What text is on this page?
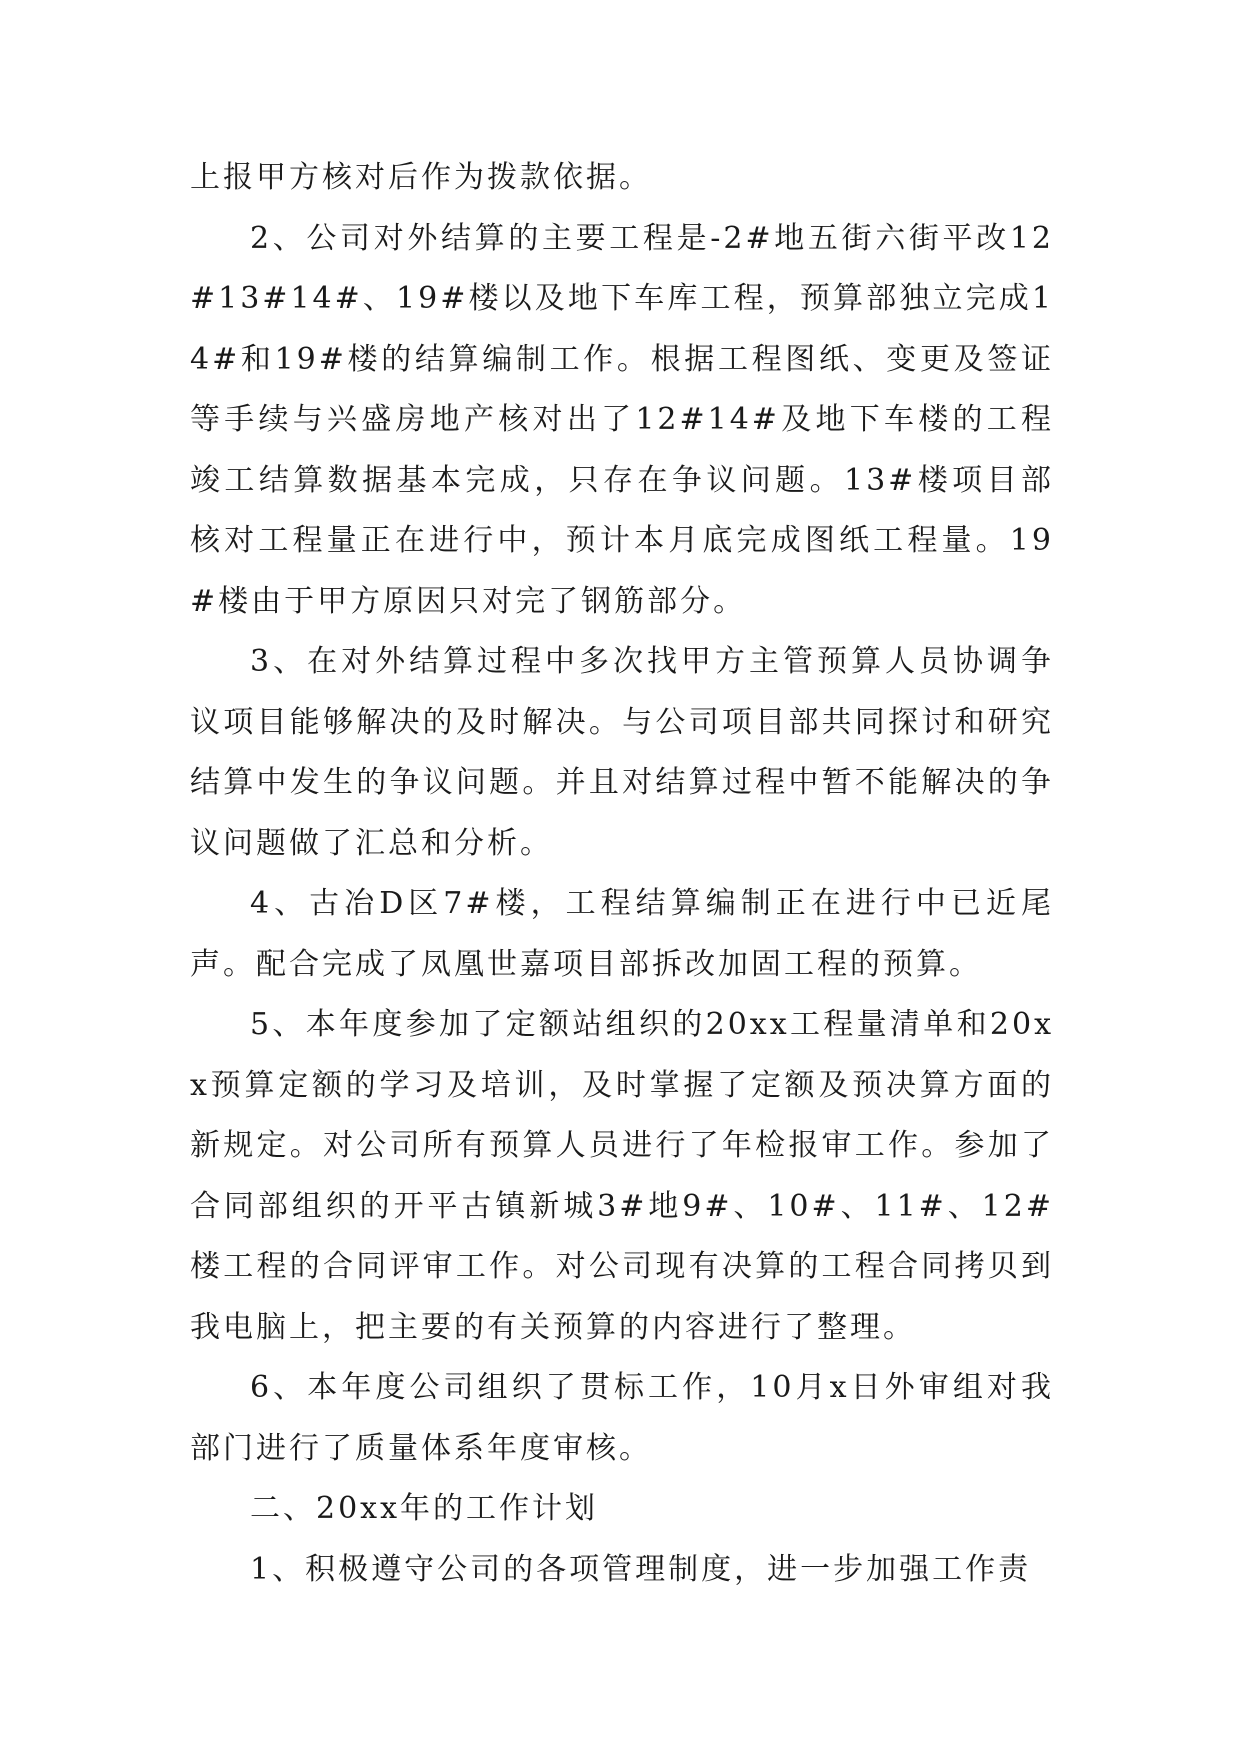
上报甲方核对后作为拨款依据。

2、公司对外结算的主要工程是-2#地五街六街平改12#13#14#、19#楼以及地下车库工程，预算部独立完成14#和19#楼的结算编制工作。根据工程图纸、变更及签证等手续与兴盛房地产核对出了12#14#及地下车楼的工程竣工结算数据基本完成，只存在争议问题。13#楼项目部核对工程量正在进行中，预计本月底完成图纸工程量。19#楼由于甲方原因只对完了钢筋部分。

3、在对外结算过程中多次找甲方主管预算人员协调争议项目能够解决的及时解决。与公司项目部共同探讨和研究结算中发生的争议问题。并且对结算过程中暂不能解决的争议问题做了汇总和分析。

4、古冶D区7#楼，工程结算编制正在进行中已近尾声。配合完成了凤凰世嘉项目部拆改加固工程的预算。

5、本年度参加了定额站组织的20xx工程量清单和20xx预算定额的学习及培训，及时掌握了定额及预决算方面的新规定。对公司所有预算人员进行了年检报审工作。参加了合同部组织的开平古镇新城3#地9#、10#、11#、12#楼工程的合同评审工作。对公司现有决算的工程合同拷贝到我电脑上，把主要的有关预算的内容进行了整理。

6、本年度公司组织了贯标工作，10月x日外审组对我部门进行了质量体系年度审核。

二、20xx年的工作计划

1、积极遵守公司的各项管理制度，进一步加强工作责
